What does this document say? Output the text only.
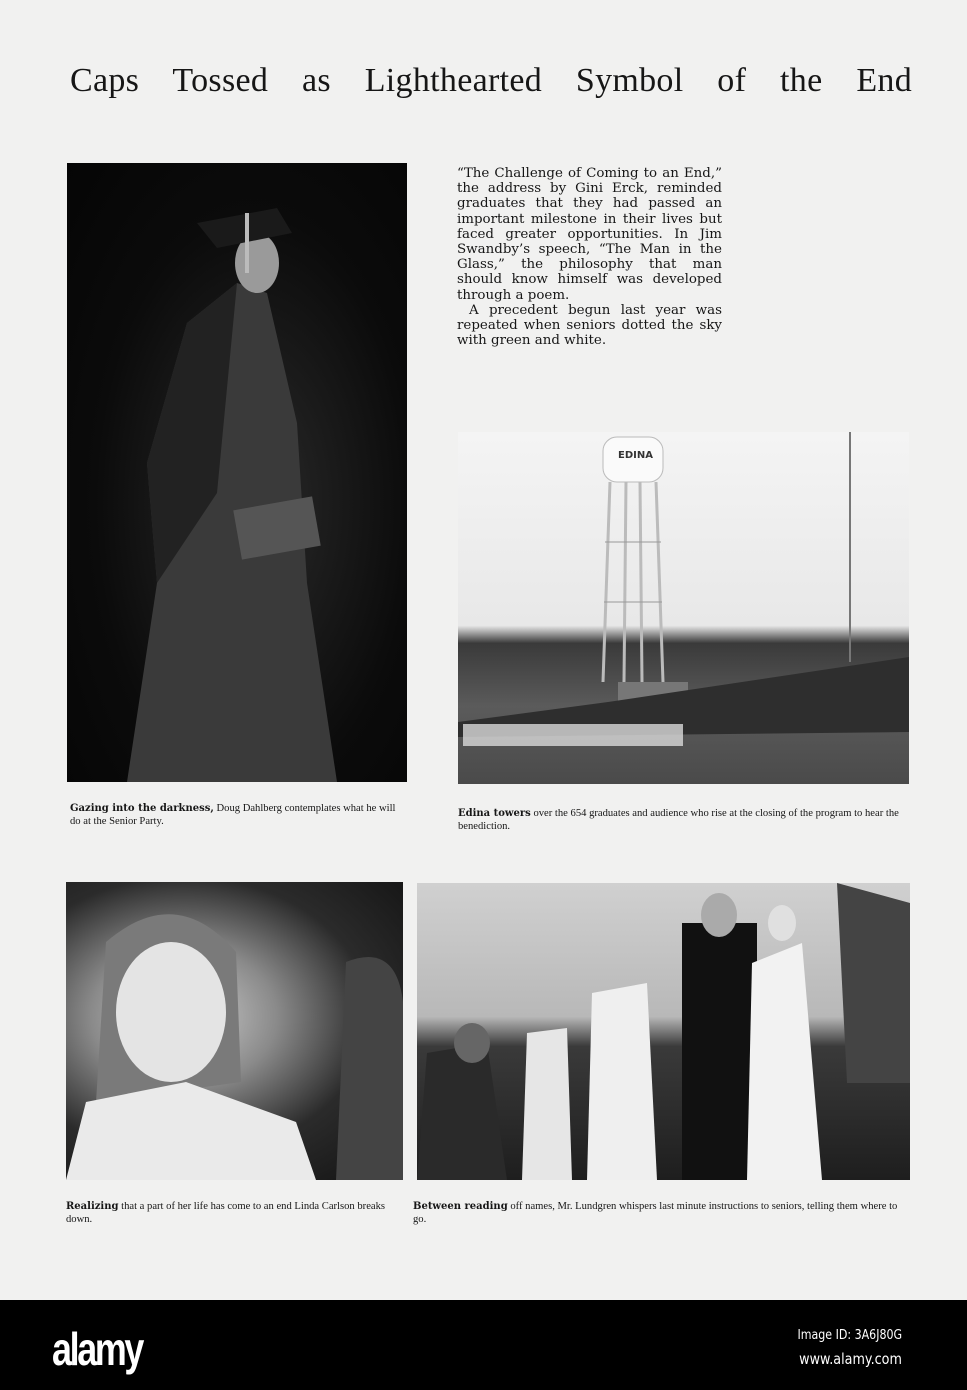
Caps Tossed as Lighthearted Symbol of the End

“The Challenge of Coming to an End,” the address by Gini Erck, reminded graduates that they had passed an important milestone in their lives but faced greater opportunities. In Jim Swandby’s speech, “The Man in the Glass,” the philosophy that man should know himself was developed through a poem.

A precedent begun last year was repeated when seniors dotted the sky with green and white.

EDINA
Gazing into the darkness, Doug Dahlberg contemplates what he will do at the Senior Party.
Edina towers over the 654 graduates and audience who rise at the closing of the program to hear the benediction.
Realizing that a part of her life has come to an end Linda Carlson breaks down.
Between reading off names, Mr. Lundgren whispers last minute instructions to seniors, telling them where to go.
alamy	Image ID: 3A6J80G
www.alamy.com
